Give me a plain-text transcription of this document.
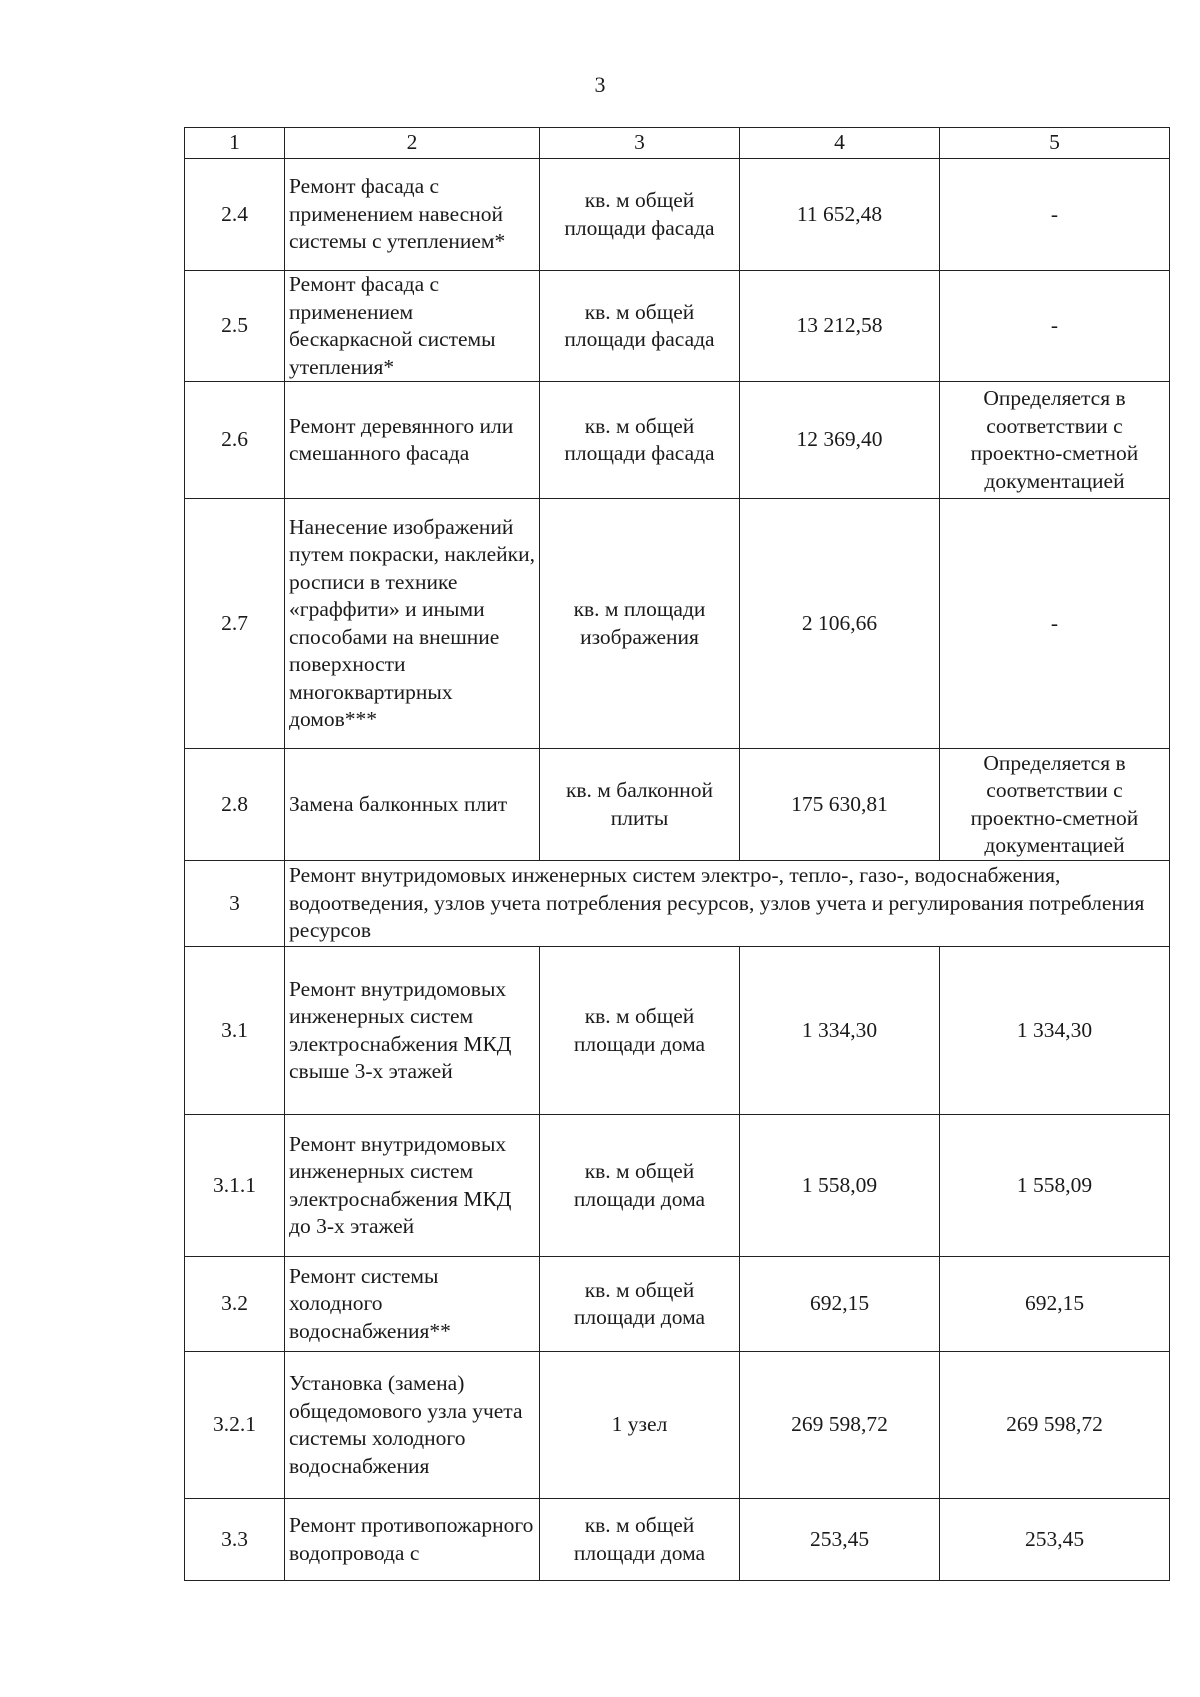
3
1	2	3	4	5
2.4	Ремонт фасада с применением навесной системы с утеплением*	кв. м общей площади фасада	11 652,48	-
2.5	Ремонт фасада с применением бескаркасной системы утепления*	кв. м общей площади фасада	13 212,58	-
2.6	Ремонт деревянного или смешанного фасада	кв. м общей площади фасада	12 369,40	Определяется в соответствии с проектно-сметной документацией
2.7	Нанесение изображений путем покраски, наклейки, росписи в технике «граффити» и иными способами на внешние поверхности многоквартирных домов***	кв. м площади изображения	2 106,66	-
2.8	Замена балконных плит	кв. м балконной плиты	175 630,81	Определяется в соответствии с проектно-сметной документацией
3	Ремонт внутридомовых инженерных систем электро-, тепло-, газо-, водоснабжения, водоотведения, узлов учета потребления ресурсов, узлов учета и регулирования потребления ресурсов			
3.1	Ремонт внутридомовых инженерных систем электроснабжения МКД свыше 3-х этажей	кв. м общей площади дома	1 334,30	1 334,30
3.1.1	Ремонт внутридомовых инженерных систем электроснабжения МКД до 3-х этажей	кв. м общей площади дома	1 558,09	1 558,09
3.2	Ремонт системы холодного водоснабжения**	кв. м общей площади дома	692,15	692,15
3.2.1	Установка (замена) общедомового узла учета системы холодного водоснабжения	1 узел	269 598,72	269 598,72
3.3	Ремонт противопожарного водопровода с	кв. м общей площади дома	253,45	253,45
